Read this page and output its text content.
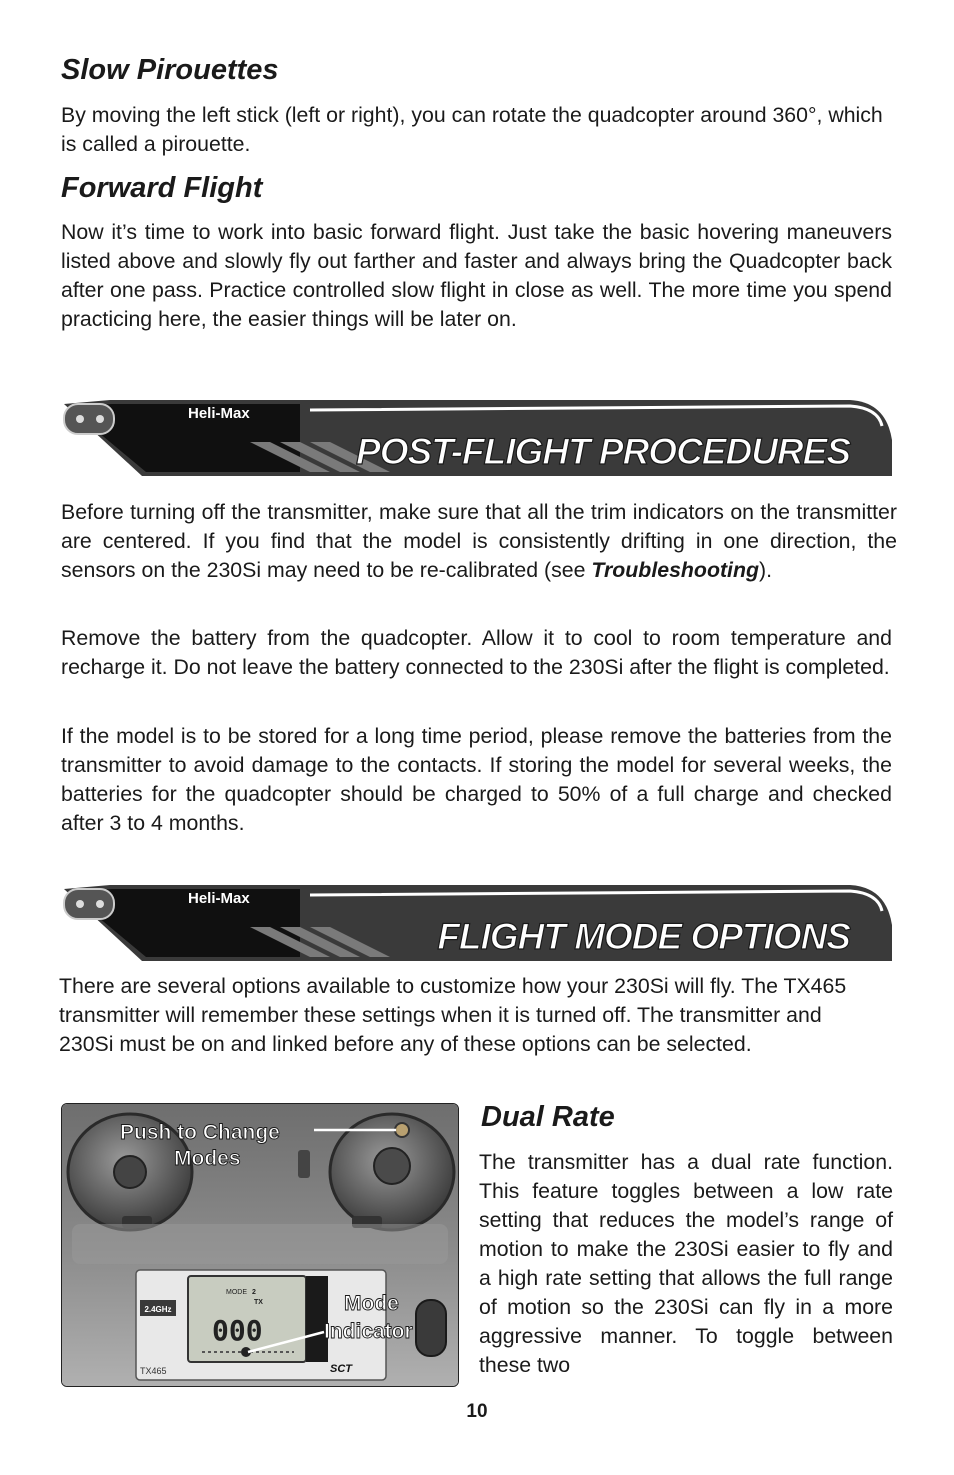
Slow Pirouettes

By moving the left stick (left or right), you can rotate the quadcopter around 360°, which is called a pirouette.

Forward Flight

Now it’s time to work into basic forward flight. Just take the basic hovering maneuvers listed above and slowly fly out farther and faster and always bring the Quadcopter back after one pass. Practice controlled slow flight in close as well. The more time you spend practicing here, the easier things will be later on.

Heli-Max
POST-FLIGHT PROCEDURES

Before turning off the transmitter, make sure that all the trim indicators on the transmitter are centered. If you find that the model is consistently drifting in one direction, the sensors on the 230Si may need to be re-calibrated (see Troubleshooting).

Remove the battery from the quadcopter. Allow it to cool to room temperature and recharge it. Do not leave the battery connected to the 230Si after the flight is completed.

If the model is to be stored for a long time period, please remove the batteries from the transmitter to avoid damage to the contacts. If storing the model for several weeks, the batteries for the quadcopter should be charged to 50% of a full charge and checked after 3 to 4 months.

Heli-Max
FLIGHT MODE OPTIONS

There are several options available to customize how your 230Si will fly. The TX465 transmitter will remember these settings when it is turned off. The transmitter and 230Si must be on and linked before any of these options can be selected.

2.4GHz
TX465	SCT
MODE 2
TX
000
Push to Change
Modes
Mode
Indicator
Dual Rate

The transmitter has a dual rate function. This feature toggles between a low rate setting that reduces the model’s range of motion to make the 230Si easier to fly and a high rate setting that allows the full range of motion so the 230Si can fly in a more aggressive manner. To toggle between these two

10
